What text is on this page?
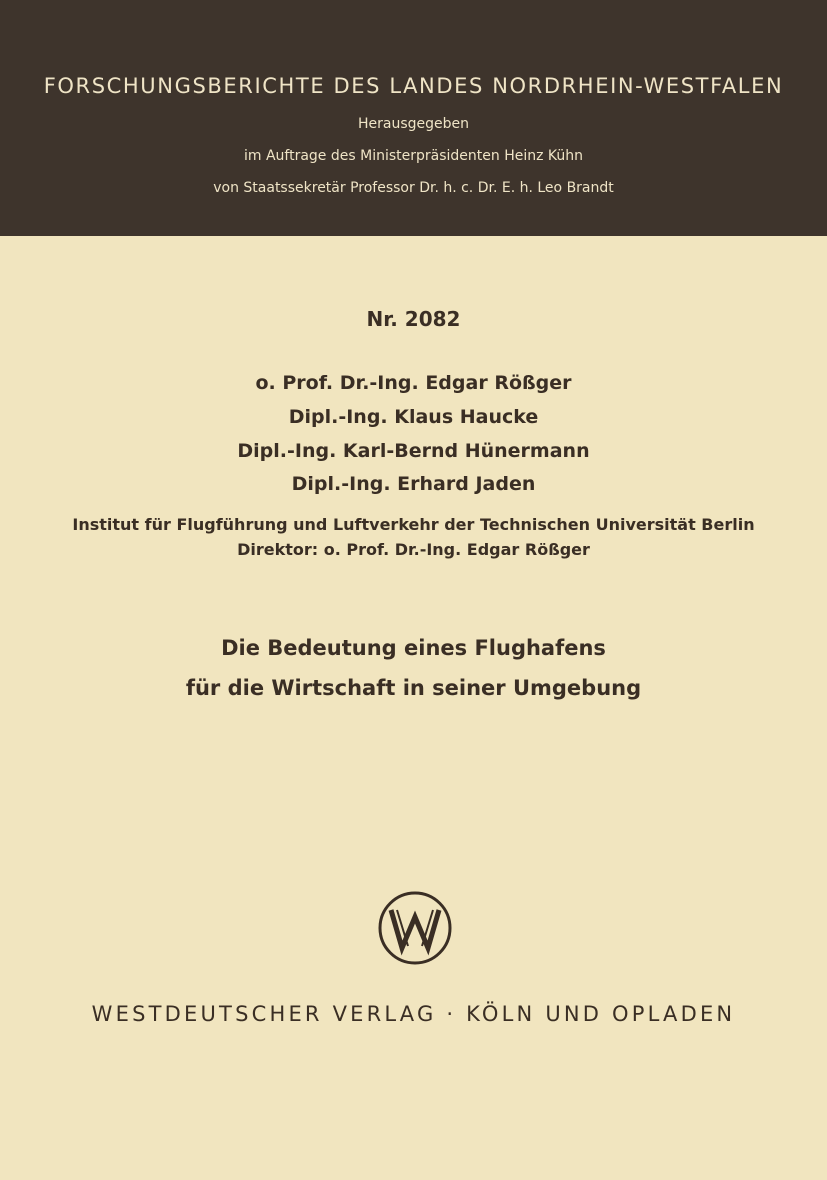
FORSCHUNGSBERICHTE DES LANDES NORDRHEIN-WESTFALEN
Herausgegeben
im Auftrage des Ministerpräsidenten Heinz Kühn
von Staatssekretär Professor Dr. h. c. Dr. E. h. Leo Brandt
Nr. 2082
o. Prof. Dr.-Ing. Edgar Rößger
Dipl.-Ing. Klaus Haucke
Dipl.-Ing. Karl-Bernd Hünermann
Dipl.-Ing. Erhard Jaden
Institut für Flugführung und Luftverkehr der Technischen Universität Berlin
Direktor: o. Prof. Dr.-Ing. Edgar Rößger
Die Bedeutung eines Flughafens
für die Wirtschaft in seiner Umgebung
WESTDEUTSCHER VERLAG · KÖLN UND OPLADEN
